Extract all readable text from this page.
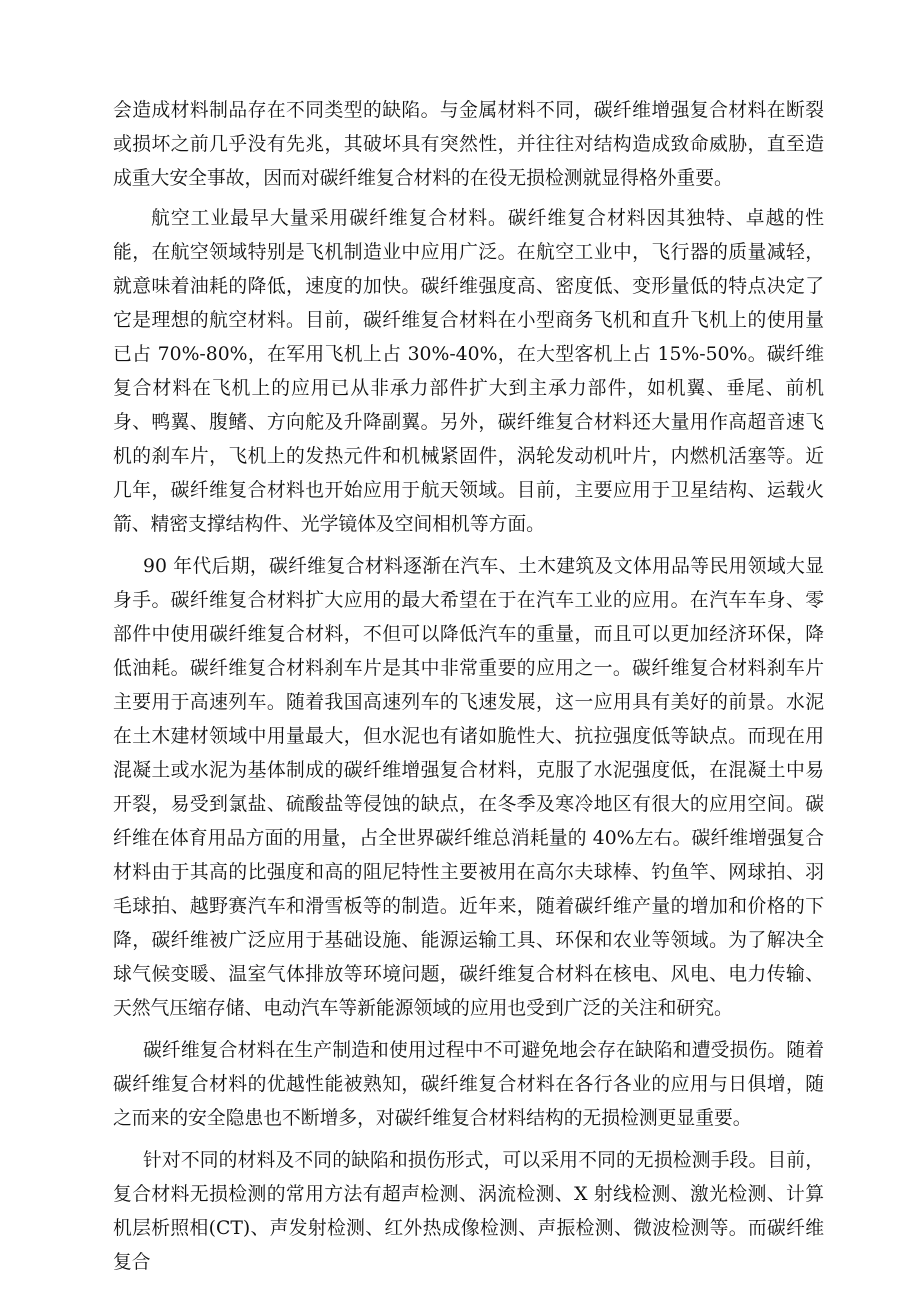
会造成材料制品存在不同类型的缺陷。与金属材料不同，碳纤维增强复合材料在断裂或损坏之前几乎没有先兆，其破坏具有突然性，并往往对结构造成致命威胁，直至造成重大安全事故，因而对碳纤维复合材料的在役无损检测就显得格外重要。

航空工业最早大量采用碳纤维复合材料。碳纤维复合材料因其独特、卓越的性能，在航空领域特别是飞机制造业中应用广泛。在航空工业中，飞行器的质量减轻，就意味着油耗的降低，速度的加快。碳纤维强度高、密度低、变形量低的特点决定了它是理想的航空材料。目前，碳纤维复合材料在小型商务飞机和直升飞机上的使用量已占 70%-80%，在军用飞机上占 30%-40%，在大型客机上占 15%-50%。碳纤维复合材料在飞机上的应用已从非承力部件扩大到主承力部件，如机翼、垂尾、前机身、鸭翼、腹鳍、方向舵及升降副翼。另外，碳纤维复合材料还大量用作高超音速飞机的刹车片，飞机上的发热元件和机械紧固件，涡轮发动机叶片，内燃机活塞等。近几年，碳纤维复合材料也开始应用于航天领域。目前，主要应用于卫星结构、运载火箭、精密支撑结构件、光学镜体及空间相机等方面。

90 年代后期，碳纤维复合材料逐渐在汽车、土木建筑及文体用品等民用领域大显身手。碳纤维复合材料扩大应用的最大希望在于在汽车工业的应用。在汽车车身、零部件中使用碳纤维复合材料，不但可以降低汽车的重量，而且可以更加经济环保，降低油耗。碳纤维复合材料刹车片是其中非常重要的应用之一。碳纤维复合材料刹车片主要用于高速列车。随着我国高速列车的飞速发展，这一应用具有美好的前景。水泥在土木建材领域中用量最大，但水泥也有诸如脆性大、抗拉强度低等缺点。而现在用混凝土或水泥为基体制成的碳纤维增强复合材料，克服了水泥强度低，在混凝土中易开裂，易受到氯盐、硫酸盐等侵蚀的缺点，在冬季及寒冷地区有很大的应用空间。碳纤维在体育用品方面的用量，占全世界碳纤维总消耗量的 40%左右。碳纤维增强复合材料由于其高的比强度和高的阻尼特性主要被用在高尔夫球棒、钓鱼竿、网球拍、羽毛球拍、越野赛汽车和滑雪板等的制造。近年来，随着碳纤维产量的增加和价格的下降，碳纤维被广泛应用于基础设施、能源运输工具、环保和农业等领域。为了解决全球气候变暖、温室气体排放等环境问题，碳纤维复合材料在核电、风电、电力传输、天然气压缩存储、电动汽车等新能源领域的应用也受到广泛的关注和研究。

碳纤维复合材料在生产制造和使用过程中不可避免地会存在缺陷和遭受损伤。随着碳纤维复合材料的优越性能被熟知，碳纤维复合材料在各行各业的应用与日俱增，随之而来的安全隐患也不断增多，对碳纤维复合材料结构的无损检测更显重要。

针对不同的材料及不同的缺陷和损伤形式，可以采用不同的无损检测手段。目前，复合材料无损检测的常用方法有超声检测、涡流检测、X 射线检测、激光检测、计算机层析照相(CT)、声发射检测、红外热成像检测、声振检测、微波检测等。而碳纤维复合
